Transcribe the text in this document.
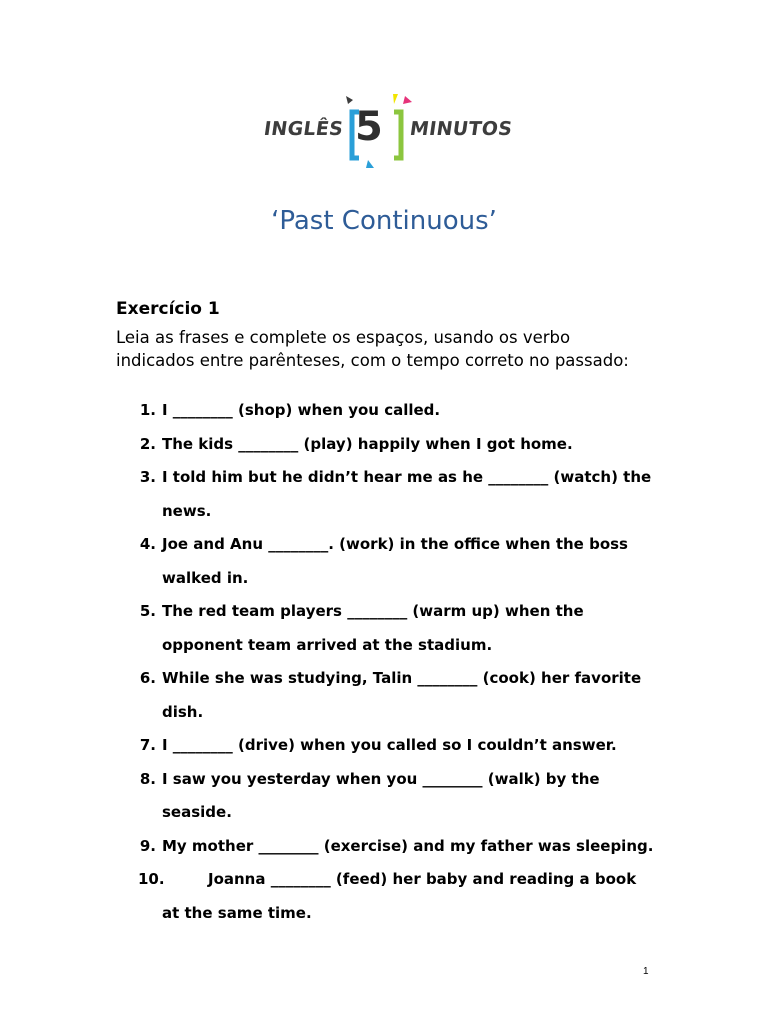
INGLÊS 5 MINUTOS
‘Past Continuous’
Exercício 1
Leia as frases e complete os espaços, usando os verbo
indicados entre parênteses, com o tempo correto no passado:
1. I ________ (shop) when you called.
2. The kids ________ (play) happily when I got home.
3. I told him but he didn’t hear me as he ________ (watch) the
news.
4. Joe and Anu ________. (work) in the office when the boss
walked in.
5. The red team players ________ (warm up) when the
opponent team arrived at the stadium.
6. While she was studying, Talin ________ (cook) her favorite
dish.
7. I ________ (drive) when you called so I couldn’t answer.
8. I saw you yesterday when you ________ (walk) by the
seaside.
9. My mother ________ (exercise) and my father was sleeping.
10.	Joanna ________ (feed) her baby and reading a book
at the same time.
1
